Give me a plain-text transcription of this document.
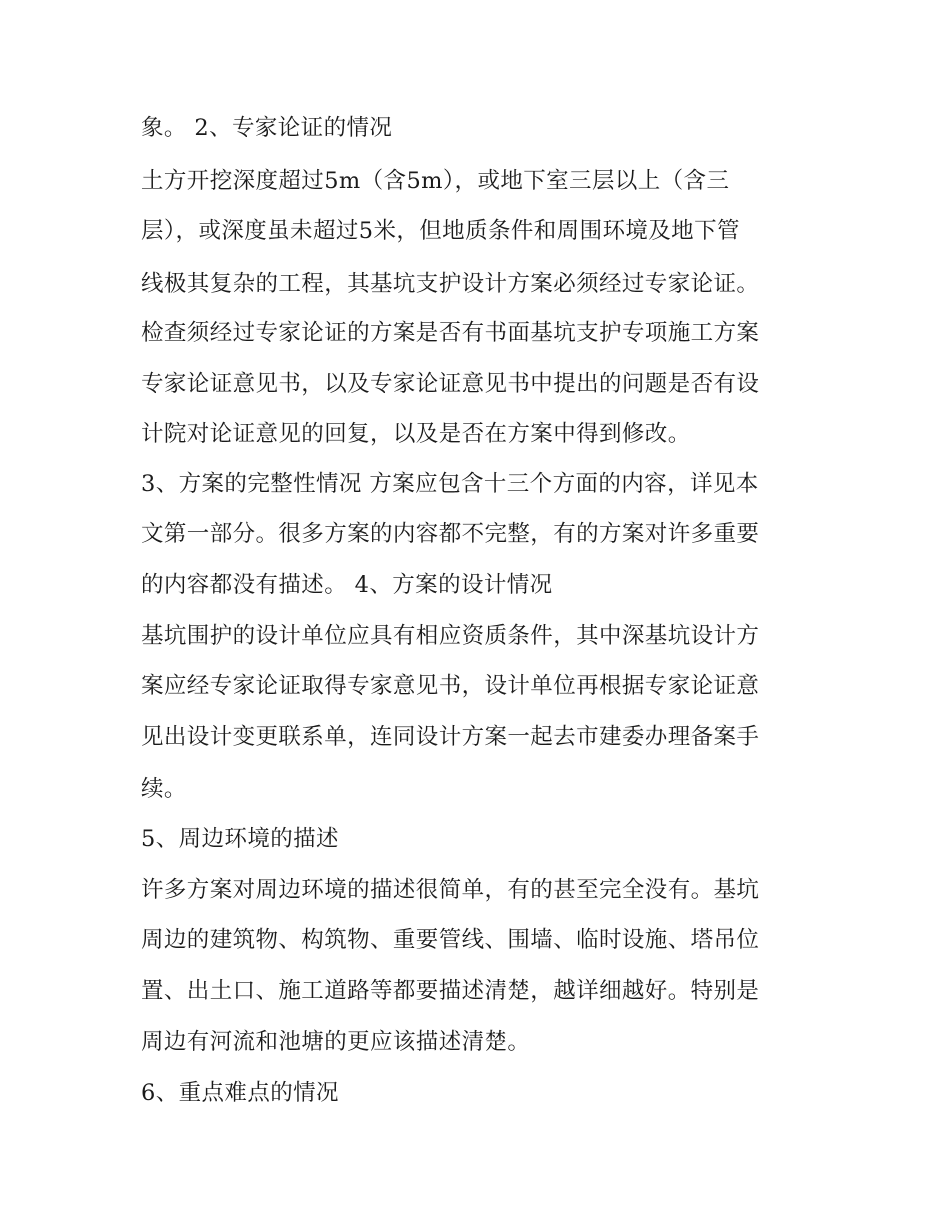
象。 2、专家论证的情况

土方开挖深度超过5m（含5m），或地下室三层以上（含三

层），或深度虽未超过5米，但地质条件和周围环境及地下管

线极其复杂的工程，其基坑支护设计方案必须经过专家论证。

检查须经过专家论证的方案是否有书面基坑支护专项施工方案

专家论证意见书，以及专家论证意见书中提出的问题是否有设

计院对论证意见的回复，以及是否在方案中得到修改。

3、方案的完整性情况 方案应包含十三个方面的内容，详见本

文第一部分。很多方案的内容都不完整，有的方案对许多重要

的内容都没有描述。 4、方案的设计情况

基坑围护的设计单位应具有相应资质条件，其中深基坑设计方

案应经专家论证取得专家意见书，设计单位再根据专家论证意

见出设计变更联系单，连同设计方案一起去市建委办理备案手

续。

5、周边环境的描述

许多方案对周边环境的描述很简单，有的甚至完全没有。基坑

周边的建筑物、构筑物、重要管线、围墙、临时设施、塔吊位

置、出土口、施工道路等都要描述清楚，越详细越好。特别是

周边有河流和池塘的更应该描述清楚。

6、重点难点的情况
